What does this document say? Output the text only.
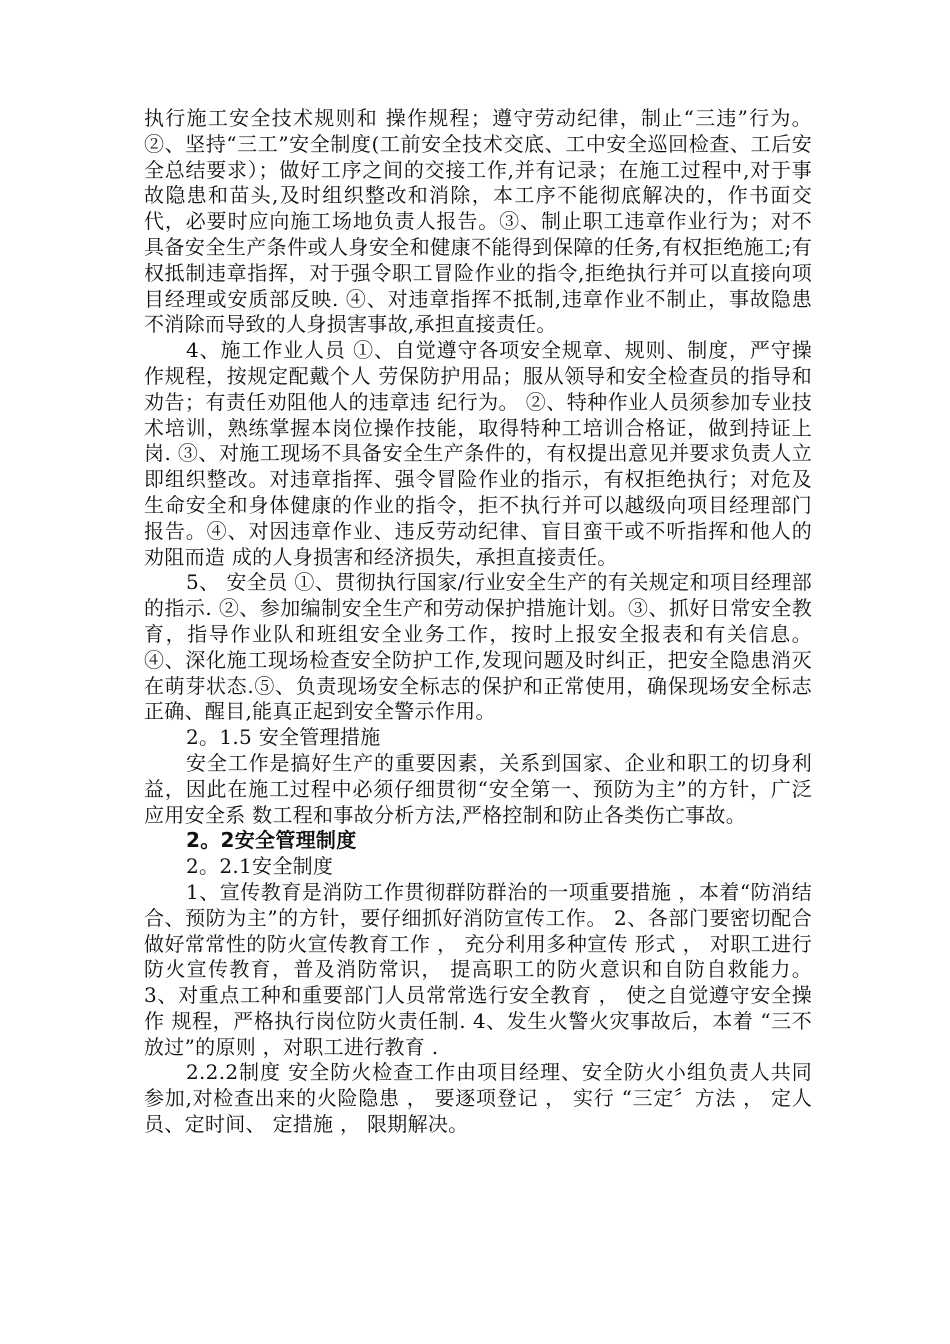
执行施工安全技术规则和 操作规程；遵守劳动纪律，制止“三违”行为。 ②、坚持“三工”安全制度(工前安全技术交底、工中安全巡回检查、工后安全总结要求）；做好工序之间的交接工作,并有记录；在施工过程中,对于事故隐患和苗头,及时组织整改和消除，本工序不能彻底解决的，作书面交代，必要时应向施工场地负责人报告。③、制止职工违章作业行为；对不具备安全生产条件或人身安全和健康不能得到保障的任务,有权拒绝施工;有权抵制违章指挥，对于强令职工冒险作业的指令,拒绝执行并可以直接向项目经理或安质部反映. ④、对违章指挥不抵制,违章作业不制止，事故隐患不消除而导致的人身损害事故,承担直接责任。

4、施工作业人员 ①、自觉遵守各项安全规章、规则、制度，严守操作规程，按规定配戴个人 劳保防护用品；服从领导和安全检查员的指导和劝告；有责任劝阻他人的违章违 纪行为。 ②、特种作业人员须参加专业技术培训，熟练掌握本岗位操作技能，取得特种工培训合格证，做到持证上岗. ③、对施工现场不具备安全生产条件的，有权提出意见并要求负责人立即组织整改。对违章指挥、强令冒险作业的指示，有权拒绝执行；对危及生命安全和身体健康的作业的指令，拒不执行并可以越级向项目经理部门报告。④、对因违章作业、违反劳动纪律、盲目蛮干或不听指挥和他人的劝阻而造 成的人身损害和经济损失，承担直接责任。

5、 安全员 ①、贯彻执行国家/行业安全生产的有关规定和项目经理部的指示. ②、参加编制安全生产和劳动保护措施计划。③、抓好日常安全教育，指导作业队和班组安全业务工作，按时上报安全报表和有关信息。④、深化施工现场检查安全防护工作,发现问题及时纠正，把安全隐患消灭在萌芽状态.⑤、负责现场安全标志的保护和正常使用，确保现场安全标志正确、醒目,能真正起到安全警示作用。

2。1.5 安全管理措施

安全工作是搞好生产的重要因素，关系到国家、企业和职工的切身利益，因此在施工过程中必须仔细贯彻“安全第一、预防为主”的方针，广泛应用安全系 数工程和事故分析方法,严格控制和防止各类伤亡事故。

2。2安全管理制度

2。2.1安全制度

1、宣传教育是消防工作贯彻群防群治的一项重要措施 ，本着“防消结合、预防为主”的方针，要仔细抓好消防宣传工作。 2、各部门要密切配合做好常常性的防火宣传教育工作 ， 充分利用多种宣传 形式 ， 对职工进行防火宣传教育，普及消防常识， 提高职工的防火意识和自防自救能力。 3、对重点工种和重要部门人员常常选行安全教育 ， 使之自觉遵守安全操作 规程，严格执行岗位防火责任制. 4、发生火警火灾事故后，本着 “三不放过”的原则 ，对职工进行教育 .

2.2.2制度 安全防火检查工作由项目经理、安全防火小组负责人共同参加,对检查出来的火险隐患 ， 要逐项登记 ， 实行 “三定〞方法 ， 定人员、定时间、 定措施 ， 限期解决。
